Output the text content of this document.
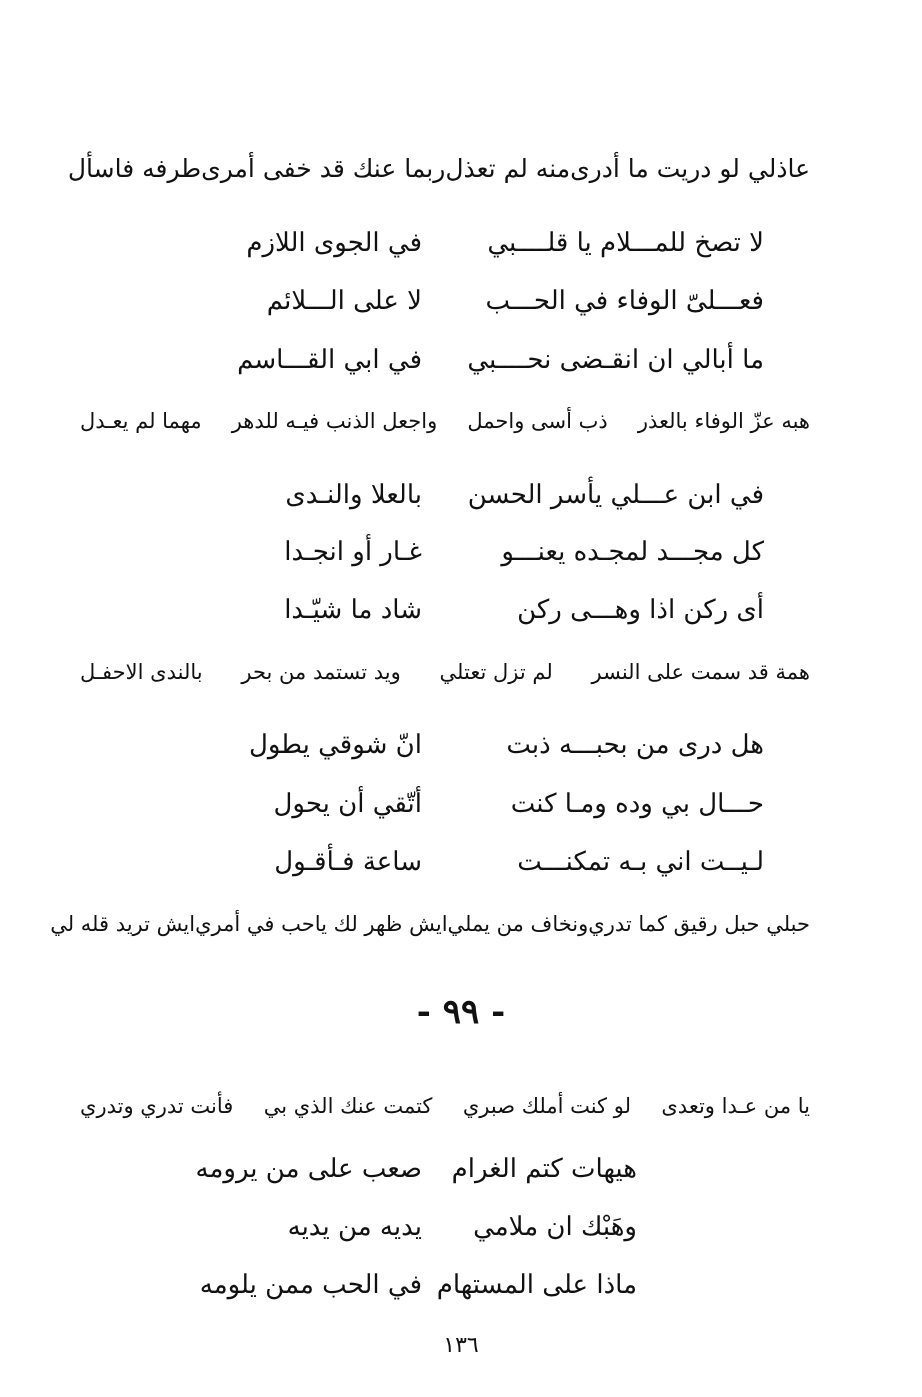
عاذلي لو دريت ما أدرى
منه لم تعذل
ربما عنك قد خفى أمرى
طرفه فاسأل
لا تصخ للمـــلام يا قلــــبي
في الجوى اللازم
فعـــلىّ الوفاء في الحـــب
لا على الـــلائم
ما أبالي ان انقـضى نحــــبي
في ابي القـــاسم
هبه عزّ الوفاء بالعذر
ذب أسى واحمل
واجعل الذنب فيـه للدهر
مهما لم يعـدل
في ابن عـــلي يأسر الحسن
بالعلا والنـدى
كل مجـــد لمجـده يعنـــو
غـار أو انجـدا
أى ركن اذا وهـــى ركن
شاد ما شيّـدا
همة قد سمت على النسر
لم تزل تعتلي
ويد تستمد من بحر
بالندى الاحفـل
هل درى من بحبـــه ذبت
انّ شوقي يطول
حـــال بي وده ومـا كنت
أتّقي أن يحول
لـيــت اني بـه تمكنـــت
ساعة فـأقـول
حبلي حبل رقيق كما تدري
ونخاف من يملي
ايش ظهر لك ياحب في أمري
ايش تريد قله لي
- ٩٩ -
يا من عـدا وتعدى
لو كنت أملك صبري
كتمت عنك الذي بي
فأنت تدري وتدري
هيهات كتم الغرام
صعب على من يرومه
وهَبْك ان ملامي
يديه من يديه
ماذا على المستهام
في الحب ممن يلومه
١٣٦
